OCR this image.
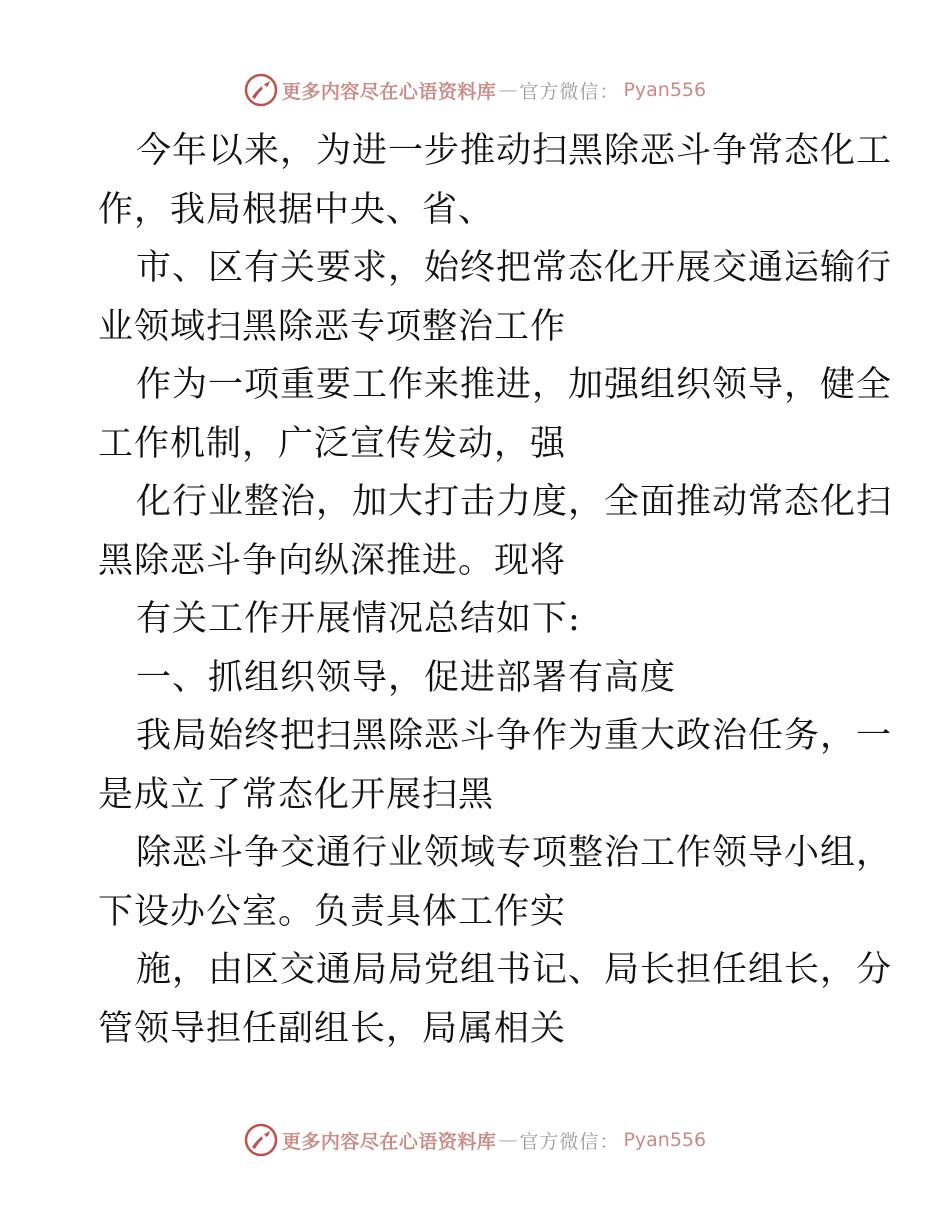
更多内容尽在心语资料库 — 官方微信： Pyan556
今年以来，为进一步推动扫黑除恶斗争常态化工
作，我局根据中央、省、
市、区有关要求，始终把常态化开展交通运输行
业领域扫黑除恶专项整治工作
作为一项重要工作来推进，加强组织领导，健全
工作机制，广泛宣传发动，强
化行业整治，加大打击力度，全面推动常态化扫
黑除恶斗争向纵深推进。现将
有关工作开展情况总结如下:
一、抓组织领导，促进部署有高度
我局始终把扫黑除恶斗争作为重大政治任务，一
是成立了常态化开展扫黑
除恶斗争交通行业领域专项整治工作领导小组，
下设办公室。负责具体工作实
施，由区交通局局党组书记、局长担任组长，分
管领导担任副组长，局属相关
更多内容尽在心语资料库 — 官方微信： Pyan556
